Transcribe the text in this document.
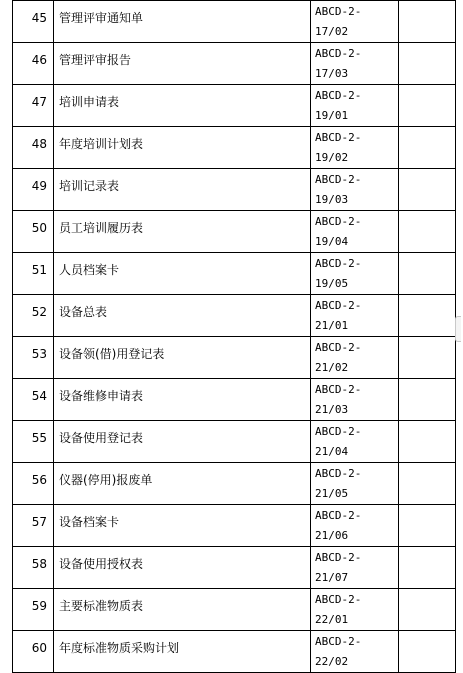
45	管理评审通知单	ABCD-2-
17/02	

46	管理评审报告	ABCD-2-
17/03	

47	培训申请表	ABCD-2-
19/01	

48	年度培训计划表	ABCD-2-
19/02	

49	培训记录表	ABCD-2-
19/03	

50	员工培训履历表	ABCD-2-
19/04	

51	人员档案卡	ABCD-2-
19/05	

52	设备总表	ABCD-2-
21/01	

53	设备领(借)用登记表	ABCD-2-
21/02	

54	设备维修申请表	ABCD-2-
21/03	

55	设备使用登记表	ABCD-2-
21/04	

56	仪器(停用)报废单	ABCD-2-
21/05	

57	设备档案卡	ABCD-2-
21/06	

58	设备使用授权表	ABCD-2-
21/07	

59	主要标准物质表	ABCD-2-
22/01	

60	年度标准物质采购计划	ABCD-2-
22/02	
